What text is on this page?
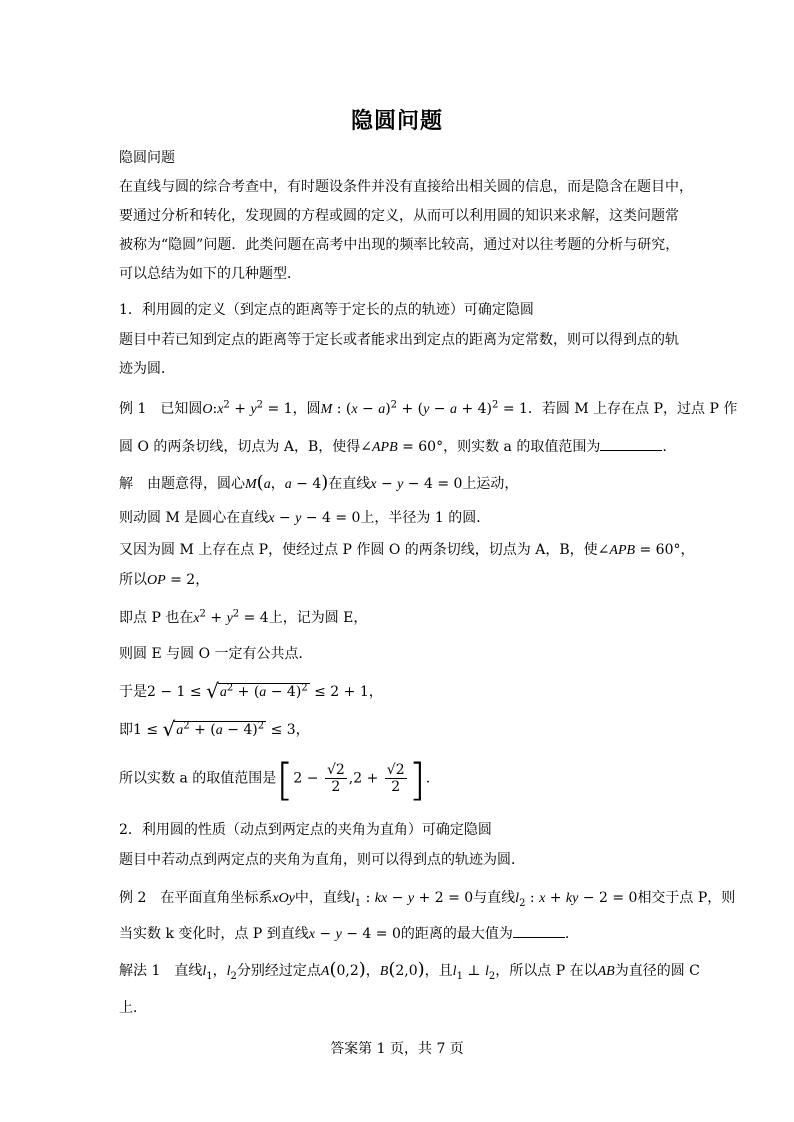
隐圆问题
隐圆问题
在直线与圆的综合考查中，有时题设条件并没有直接给出相关圆的信息，而是隐含在题目中，
要通过分析和转化，发现圆的方程或圆的定义，从而可以利用圆的知识来求解，这类问题常
被称为“隐圆”问题．此类问题在高考中出现的频率比较高，通过对以往考题的分析与研究，
可以总结为如下的几种题型．
1．利用圆的定义（到定点的距离等于定长的点的轨迹）可确定隐圆
题目中若已知到定点的距离等于定长或者能求出到定点的距离为定常数，则可以得到点的轨
迹为圆．
例 1　已知圆$O:x^2 + y^2 = 1$，圆M : $(x - a)^2 + (y - a + 4)^2 = 1$．若圆 M 上存在点 P，过点 P 作
圆 O 的两条切线，切点为 A，B，使得∠APB = 60°，则实数 a 的取值范围为	.
解　由题意得，圆心M(a，a − 4)在直线x − y − 4 = 0上运动，
则动圆 M 是圆心在直线x − y − 4 = 0上，半径为 1 的圆．
又因为圆 M 上存在点 P，使经过点 P 作圆 O 的两条切线，切点为 A，B，使∠APB = 60°，
所以OP = 2，
即点 P 也在$x^2 + y^2 = 4$上，记为圆 E，
则圆 E 与圆 O 一定有公共点．
于是$2 - 1 \le √a^2 + (a - 4)^2 \le 2 + 1$，
即$1 \le √a^2 + (a - 4)^2 \le 3$，
所以实数 a 的取值范围是[$2 - \frac{√2}{2} ,2 + \frac{√2}{2}$ ].
2．利用圆的性质（动点到两定点的夹角为直角）可确定隐圆
题目中若动点到两定点的夹角为直角，则可以得到点的轨迹为圆．
例 2　在平面直角坐标系xOy中，直线$l_1$ : kx − y + 2 = 0与直线$l_2$ : x + ky − 2 = 0相交于点 P，则
当实数 k 变化时，点 P 到直线x − y − 4 = 0的距离的最大值为	.
解法 1　直线$l_1$，$l_2$分别经过定点A(0,2)，B(2,0)，且$l_1$ ⊥ $l_2$，所以点 P 在以AB为直径的圆 C
上．
答案第 1 页，共 7 页
